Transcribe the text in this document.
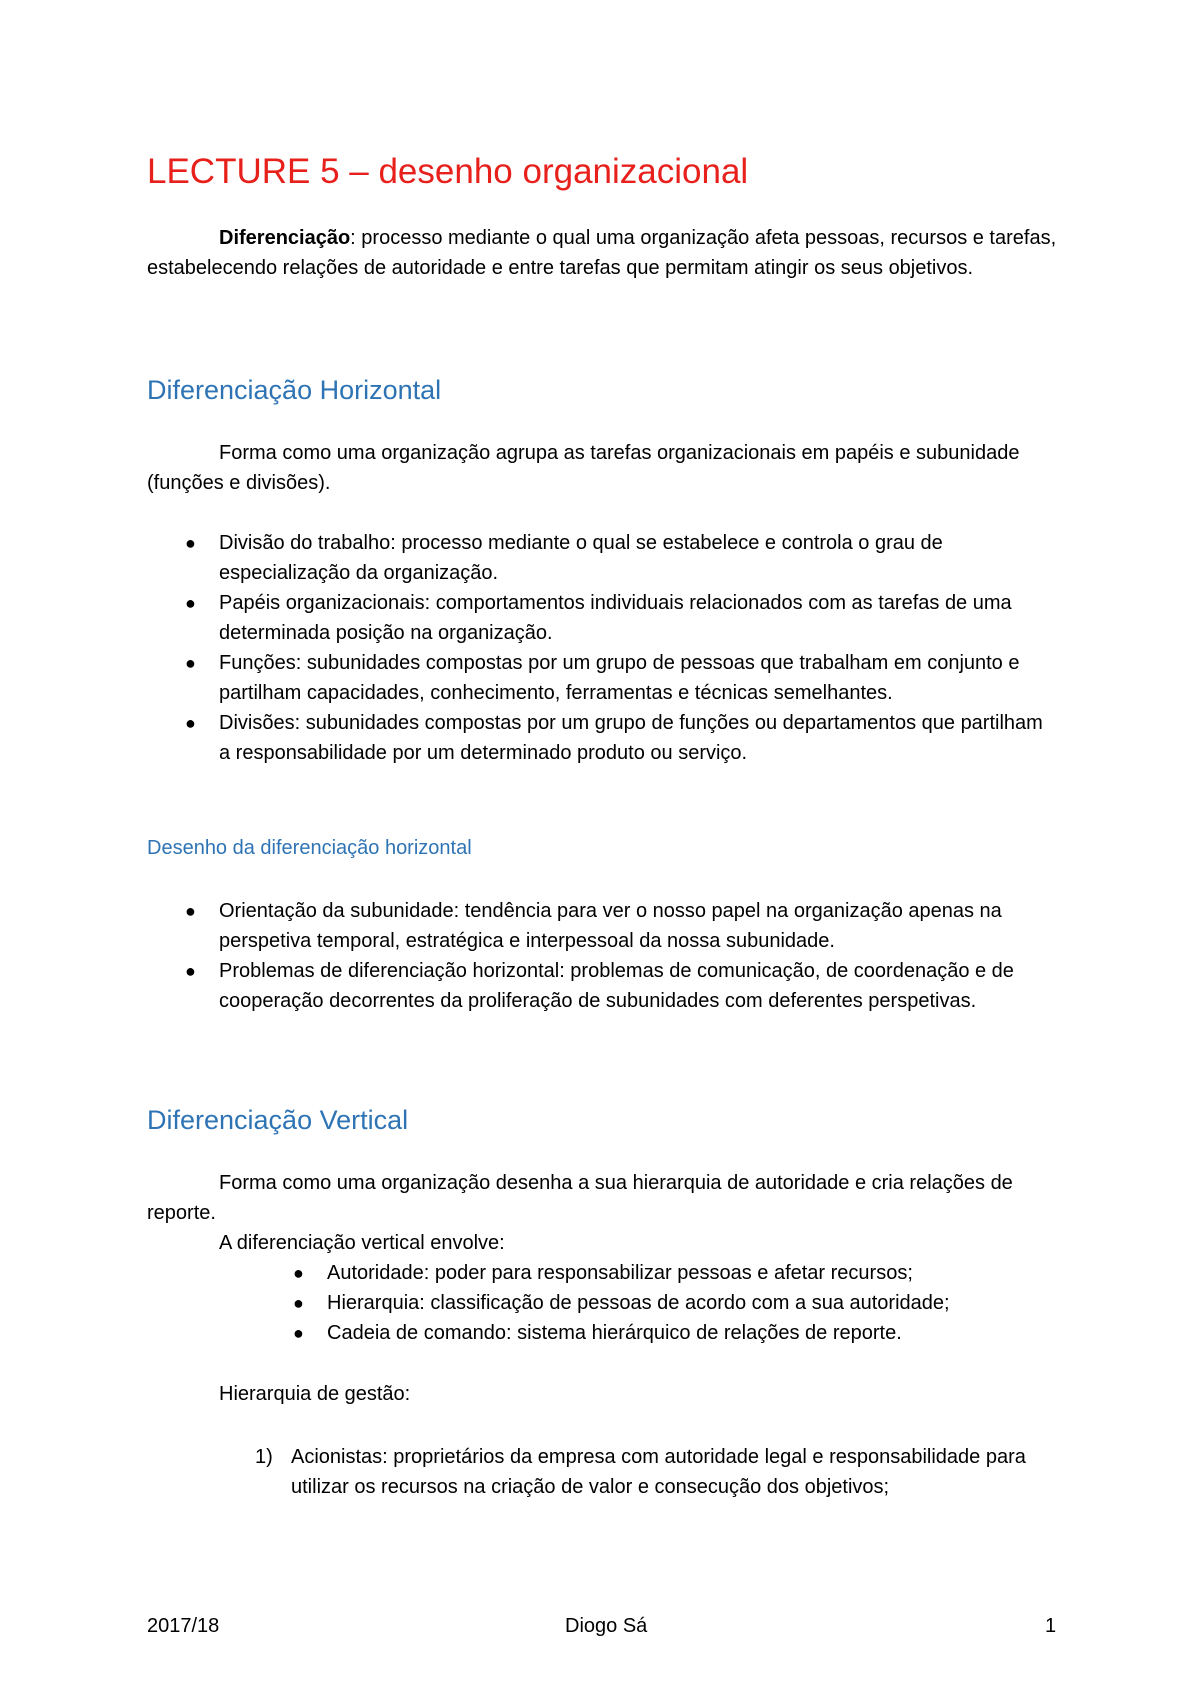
LECTURE 5 – desenho organizacional
Diferenciação: processo mediante o qual uma organização afeta pessoas, recursos e tarefas, estabelecendo relações de autoridade e entre tarefas que permitam atingir os seus objetivos.
Diferenciação Horizontal
Forma como uma organização agrupa as tarefas organizacionais em papéis e subunidade (funções e divisões).
● Divisão do trabalho: processo mediante o qual se estabelece e controla o grau de especialização da organização.
● Papéis organizacionais: comportamentos individuais relacionados com as tarefas de uma determinada posição na organização.
● Funções: subunidades compostas por um grupo de pessoas que trabalham em conjunto e partilham capacidades, conhecimento, ferramentas e técnicas semelhantes.
● Divisões: subunidades compostas por um grupo de funções ou departamentos que partilham a responsabilidade por um determinado produto ou serviço.
Desenho da diferenciação horizontal
● Orientação da subunidade: tendência para ver o nosso papel na organização apenas na perspetiva temporal, estratégica e interpessoal da nossa subunidade.
● Problemas de diferenciação horizontal: problemas de comunicação, de coordenação e de cooperação decorrentes da proliferação de subunidades com deferentes perspetivas.
Diferenciação Vertical
Forma como uma organização desenha a sua hierarquia de autoridade e cria relações de reporte.
A diferenciação vertical envolve:
● Autoridade: poder para responsabilizar pessoas e afetar recursos;
● Hierarquia: classificação de pessoas de acordo com a sua autoridade;
● Cadeia de comando: sistema hierárquico de relações de reporte.
Hierarquia de gestão:
1) Acionistas: proprietários da empresa com autoridade legal e responsabilidade para utilizar os recursos na criação de valor e consecução dos objetivos;
2017/18	Diogo Sá	1
